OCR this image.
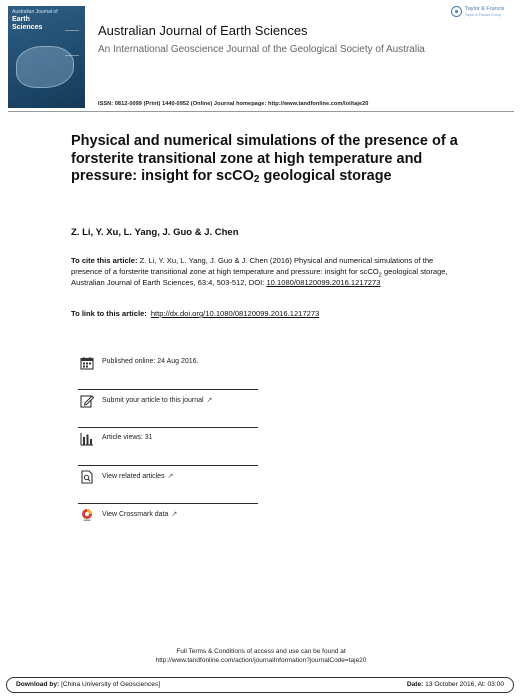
Australian Journal of
Earth
Sciences	Australian Journal of Earth Sciences
An International Geoscience Journal of the Geological Society of Australia
ISSN: 0812-0099 (Print) 1440-0952 (Online) Journal homepage: http://www.tandfonline.com/loi/taje20
Taylor & Francis
Taylor & Francis Group
Physical and numerical simulations of the presence of a forsterite transitional zone at high temperature and pressure: insight for scCO$_2$ geological storage
Z. Li, Y. Xu, L. Yang, J. Guo & J. Chen
To cite this article: Z. Li, Y. Xu, L. Yang, J. Guo & J. Chen (2016) Physical and numerical simulations of the presence of a forsterite transitional zone at high temperature and pressure: insight for scCO$_2$ geological storage, Australian Journal of Earth Sciences, 63:4, 503-512, DOI: 10.1080/08120099.2016.1217273
To link to this article: http://dx.doi.org/10.1080/08120099.2016.1217273
Published online: 24 Aug 2016.
Submit your article to this journal ↗
Article views: 31
View related articles ↗
View Crossmark data ↗
Full Terms & Conditions of access and use can be found at
http://www.tandfonline.com/action/journalInformation?journalCode=taje20
Download by: [China University of Geosciences]	Date: 13 October 2016, At: 03:00
